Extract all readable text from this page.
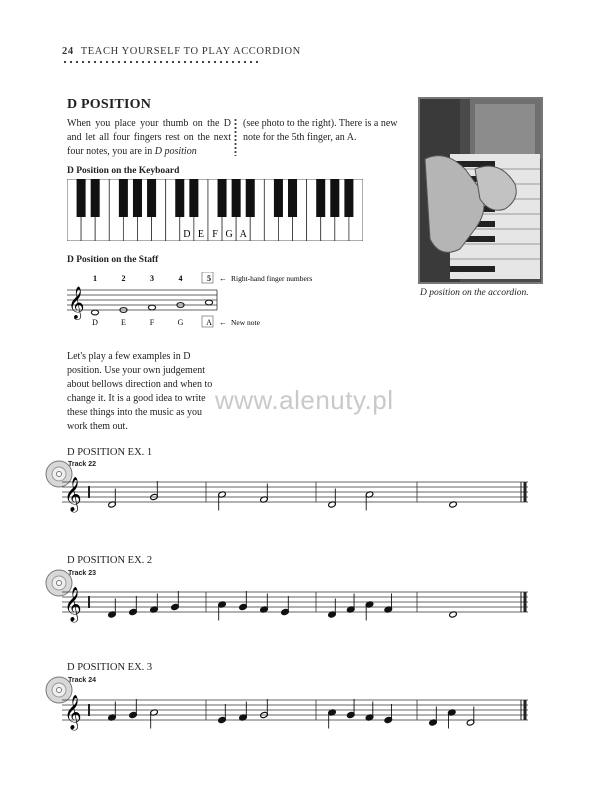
24 TEACH YOURSELF TO PLAY ACCORDION
D POSITION
When you place your thumb on the D and let all four fingers rest on the next four notes, you are in D position
(see photo to the right). There is a new note for the 5th finger, an A.
D Position on the Keyboard
D E F G A
D Position on the Staff
𝄞
1	2	3	4	5
D	E	F	G	A
←
←
Right-hand finger numbers
New note
D position on the accordion.
Let's play a few examples in D position. Use your own judgement about bellows direction and when to change it. It is a good idea to write these things into the music as you work them out.
www.alenuty.pl
D POSITION EX. 1
Track 22
𝄞
D POSITION EX. 2
Track 23
𝄞
D POSITION EX. 3
Track 24
𝄞
